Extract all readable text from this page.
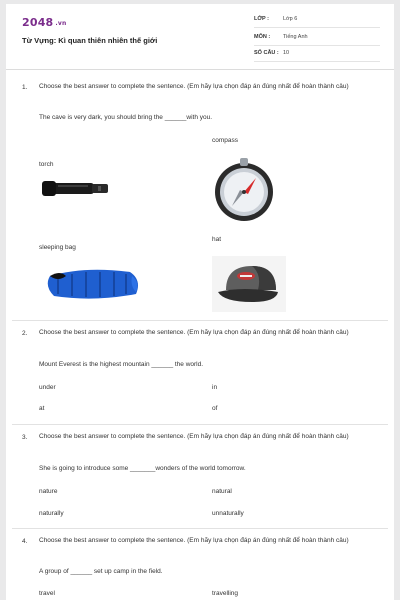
2048 .vn
Từ Vựng: Kì quan thiên nhiên thế giới
LỚP :	Lớp 6
MÔN : Tiếng Anh
SỐ CÂU : 10
1. Choose the best answer to complete the sentence. (Em hãy lựa chọn đáp án đúng nhất để hoàn thành câu)
The cave is very dark, you should bring the ______with you.
compass
torch
hat
sleeping bag
2. Choose the best answer to complete the sentence. (Em hãy lựa chọn đáp án đúng nhất để hoàn thành câu)
Mount Everest is the highest mountain ______ the world.
under	in
at	of
3. Choose the best answer to complete the sentence. (Em hãy lựa chọn đáp án đúng nhất để hoàn thành câu)
She is going to introduce some _______wonders of the world tomorrow.
nature	natural
naturally	unnaturally
4. Choose the best answer to complete the sentence. (Em hãy lựa chọn đáp án đúng nhất để hoàn thành câu)
A group of ______ set up camp in the field.
travel	travelling
